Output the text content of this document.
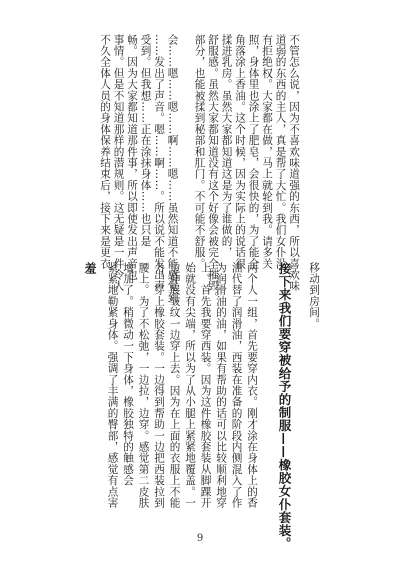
不管怎么说，因为不喜欢味道强的东西，所以喜欢味
道弱的东西的主人，真是帮了大忙。我们女仆没
有拒绝权。大家都在做，马上就轮到我。请多关
照，身体里也涂上了肥皂，会很快的，为了能全
角落涂上香油。这个时候，因为实际上的说话很
揉进乳房。虽然大家都知道这是为了谁做的，
舒服感。虽然大家都知道没有这个好像会被完全摧毁。
部分，也能被揉到秘部和肛门。不可能不舒服。
会……嗯……嗯……啊……嗯……虽然知道不能感觉到
……发出了声音。嗯……啊……。所以说不能发出声
受到。但我想……正在涂抹身体……也只是
畅。因为大家都知道那件事，所以即使发出声音也
事情。但是不知道那样的潜规则。这无疑是一件令人
不久全体人员的身体保养结束后，接下来是更衣
移动到房间。
接下来我们要穿被给予的制服——橡胶女仆套装。
两个人一组，首先要穿内衣。刚才涂在身体上的香
油代替了润滑油，西装在准备的阶段内侧混入了作
为润滑油的油，如果有帮助的话可以比较顺利地穿
上。首先我要穿西装。因为这件橡胶套装从脚踝开
始就没有尖端，所以为了从小腿上紧紧地覆盖。一
边伸展皱纹一边穿上去。因为在上面的衣服上不能
力。穿上橡胶套装。一边得到帮助一边把西装拉到
腰上。为了不松弛，一边拉，边穿。感觉第二皮肤
增加了。稍微动一下身体，橡胶独特的触感会
紧紧地勒紧身体。强调了丰满的臀部，感觉有点害
羞
9
